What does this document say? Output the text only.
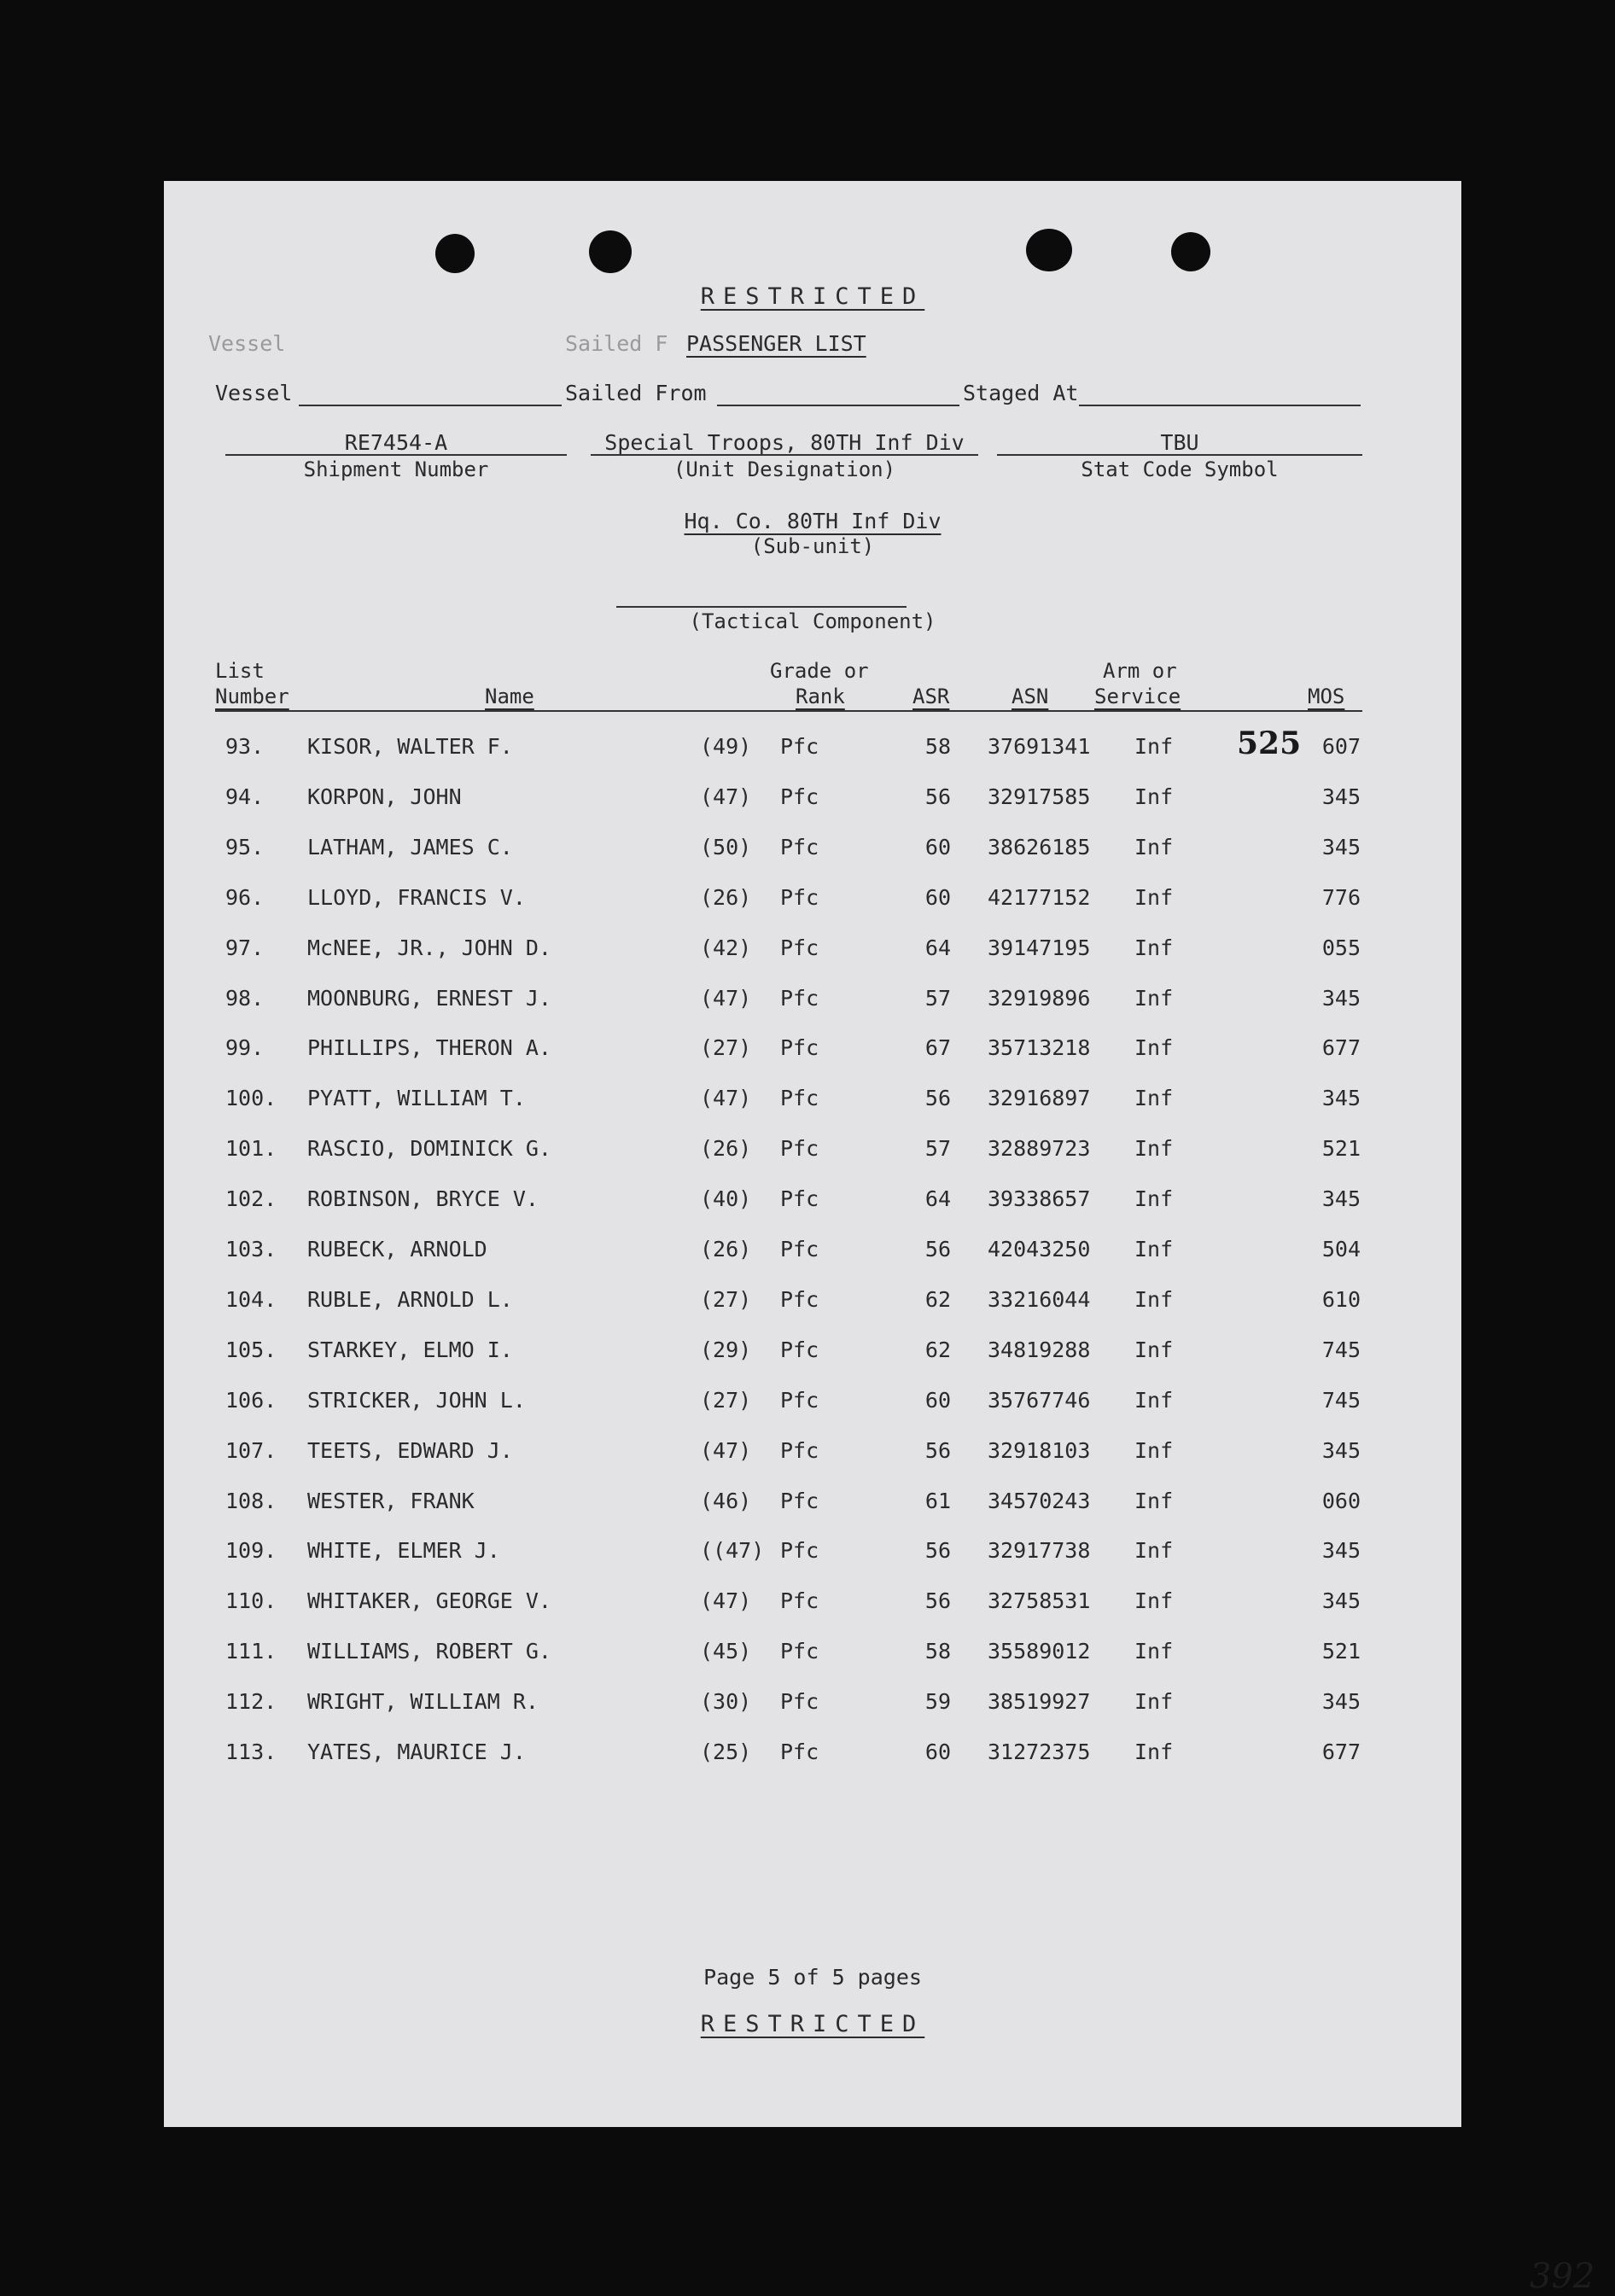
RESTRICTED
Vessel	Sailed F PASSENGER LIST
Vessel	Sailed From	Staged At
RE7454-A
Shipment Number
Special Troops, 80TH Inf Div
(Unit Designation)
TBU
Stat Code Symbol
Hq. Co. 80TH Inf Div
(Sub-unit)
(Tactical Component)
List
Number	Name
Grade or
Rank	ASR	ASN
Arm or
Service	MOS
93. KISOR, WALTER F.	(49) Pfc	58 37691341 Inf	607
94. KORPON, JOHN	(47) Pfc	56 32917585 Inf	345
95. LATHAM, JAMES C.	(50) Pfc	60 38626185 Inf	345
96. LLOYD, FRANCIS V.	(26) Pfc	60 42177152 Inf	776
97. McNEE, JR., JOHN D.	(42) Pfc	64 39147195 Inf	055
98. MOONBURG, ERNEST J.	(47) Pfc	57 32919896 Inf	345
99. PHILLIPS, THERON A.	(27) Pfc	67 35713218 Inf	677
100. PYATT, WILLIAM T.	(47) Pfc	56 32916897 Inf	345
101. RASCIO, DOMINICK G.	(26) Pfc	57 32889723 Inf	521
102. ROBINSON, BRYCE V.	(40) Pfc	64 39338657 Inf	345
103. RUBECK, ARNOLD	(26) Pfc	56 42043250 Inf	504
104. RUBLE, ARNOLD L.	(27) Pfc	62 33216044 Inf	610
105. STARKEY, ELMO I.	(29) Pfc	62 34819288 Inf	745
106. STRICKER, JOHN L.	(27) Pfc	60 35767746 Inf	745
107. TEETS, EDWARD J.	(47) Pfc	56 32918103 Inf	345
108. WESTER, FRANK	(46) Pfc	61 34570243 Inf	060
109. WHITE, ELMER J.	((47) Pfc	56 32917738 Inf	345
110. WHITAKER, GEORGE V.	(47) Pfc	56 32758531 Inf	345
111. WILLIAMS, ROBERT G.	(45) Pfc	58 35589012 Inf	521
112. WRIGHT, WILLIAM R.	(30) Pfc	59 38519927 Inf	345
113. YATES, MAURICE J.	(25) Pfc	60 31272375 Inf	677
525
Page 5 of 5 pages
RESTRICTED
392
